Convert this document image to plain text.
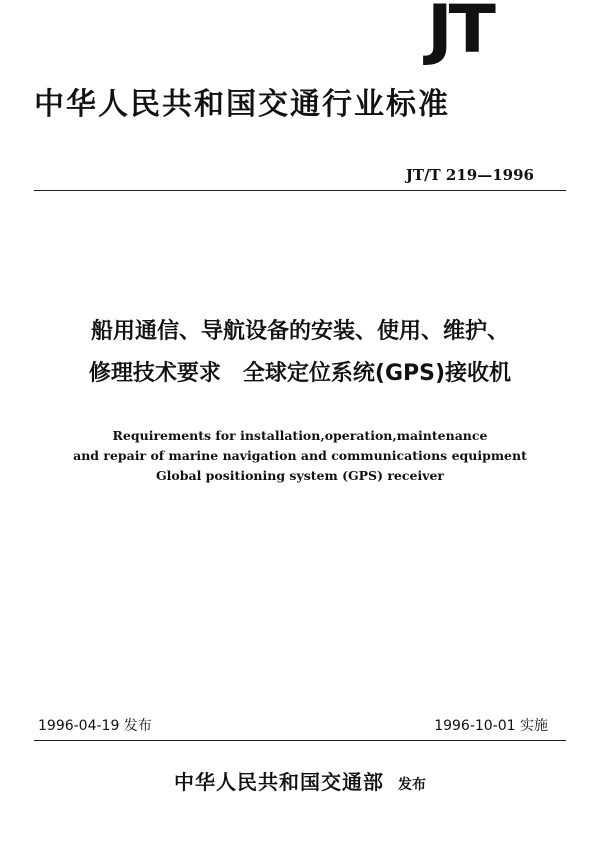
JT
中华人民共和国交通行业标准
JT/T 219—1996
船用通信、导航设备的安装、使用、维护、
修理技术要求　全球定位系统(GPS)接收机
Requirements for installation,operation,maintenance
and repair of marine navigation and communications equipment
Global positioning system (GPS) receiver
1996-04-19 发布	1996-10-01 实施
中华人民共和国交通部 发布
